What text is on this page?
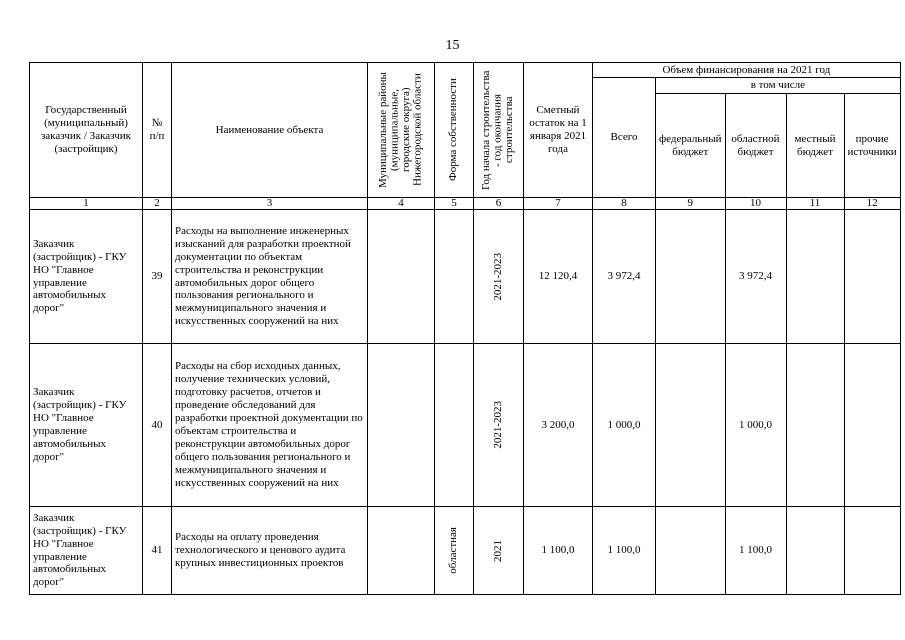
15
Государственный (муниципальный) заказчик / Заказчик (застройщик)	№ п/п	Наименование объекта	Муниципальные районы (муниципальные, городские округа) Нижегородской области	Форма собственности	Год начала строительства - год окончания строительства	Сметный остаток на 1 января 2021 года	Объем финансирования на 2021 год				
							Всего	в том числе			
								федеральный бюджет	областной бюджет	местный бюджет	прочие источники
1	2	3	4	5	6	7	8	9	10	11	12
Заказчик (застройщик) - ГКУ НО "Главное управление автомобильных дорог"	39	Расходы на выполнение инженерных изысканий для разработки проектной документации по объектам строительства и реконструкции автомобильных дорог общего пользования регионального и межмуниципального значения и искусственных сооружений на них			2021-2023	12 120,4	3 972,4		3 972,4		
Заказчик (застройщик) - ГКУ НО "Главное управление автомобильных дорог"	40	Расходы на сбор исходных данных, получение технических условий, подготовку расчетов, отчетов и проведение обследований для разработки проектной документации по объектам строительства и реконструкции автомобильных дорог общего пользования регионального и межмуниципального значения и искусственных сооружений на них			2021-2023	3 200,0	1 000,0		1 000,0		
Заказчик (застройщик) - ГКУ НО "Главное управление автомобильных дорог"	41	Расходы на оплату проведения технологического и ценового аудита крупных инвестиционных проектов		областная	2021	1 100,0	1 100,0		1 100,0		
